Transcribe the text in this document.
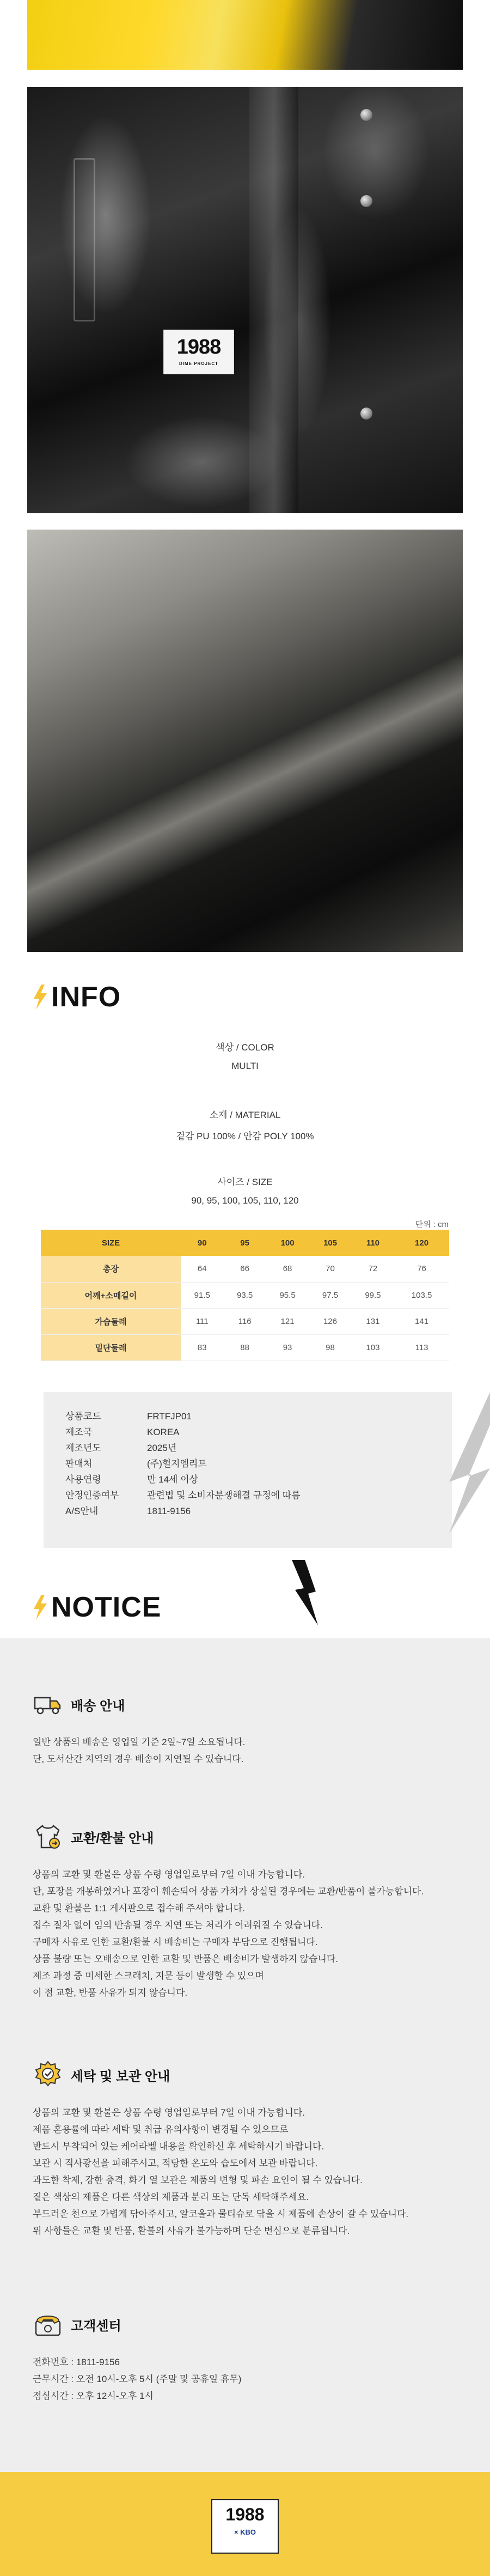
1988
DIME PROJECT
INFO
색상 / COLOR
MULTI
소재 / MATERIAL
겉감 PU 100% / 안감 POLY 100%
사이즈 / SIZE
90, 95, 100, 105, 110, 120
단위 : cm
SIZE	90	95	100	105	110	120
총장	64	66	68	70	72	76
어깨+소매길이	91.5	93.5	95.5	97.5	99.5	103.5
가슴둘레	111	116	121	126	131	141
밑단둘레	83	88	93	98	103	113
상품코드	FRTFJP01
제조국	KOREA
제조년도	2025년
판매처	(주)헐지엠리트
사용연령	만 14세 이상
안정인증여부	관련법 및 소비자분쟁해결 규정에 따름
A/S안내	1811-9156
NOTICE
배송 안내
일반 상품의 배송은 영업일 기준 2일~7일 소요됩니다.
단, 도서산간 지역의 경우 배송이 지연될 수 있습니다.
교환/환불 안내
상품의 교환 및 환불은 상품 수령 영업일로부터 7일 이내 가능합니다.
단, 포장을 개봉하였거나 포장이 훼손되어 상품 가치가 상실된 경우에는 교환/반품이 불가능합니다.
교환 및 환불은 1:1 게시판으로 접수해 주셔야 합니다.
접수 절차 없이 임의 반송될 경우 지연 또는 처리가 어려워질 수 있습니다.
구매자 사유로 인한 교환/환불 시 배송비는 구매자 부담으로 진행됩니다.
상품 불량 또는 오배송으로 인한 교환 및 반품은 배송비가 발생하지 않습니다.
제조 과정 중 미세한 스크래치, 지문 등이 발생할 수 있으며
이 점 교환, 반품 사유가 되지 않습니다.
세탁 및 보관 안내
상품의 교환 및 환불은 상품 수령 영업일로부터 7일 이내 가능합니다.
제품 혼용률에 따라 세탁 및 취급 유의사항이 변경될 수 있으므로
반드시 부착되어 있는 케어라벨 내용을 확인하신 후 세탁하시기 바랍니다.
보관 시 직사광선을 피해주시고, 적당한 온도와 습도에서 보관 바랍니다.
과도한 착제, 강한 충격, 화기 열 보관은 제품의 변형 및 파손 요인이 될 수 있습니다.
짙은 색상의 제품은 다른 색상의 제품과 분리 또는 단독 세탁해주세요.
부드러운 천으로 가볍게 닦아주시고, 알코올과 물티슈로 닦을 시 제품에 손상이 갈 수 있습니다.
위 사항들은 교환 및 반품, 환불의 사유가 불가능하며 단순 변심으로 분류됩니다.
고객센터
전화번호 : 1811-9156
근무시간 : 오전 10시-오후 5시 (주말 및 공휴일 휴무)
점심시간 : 오후 12시-오후 1시
1988
× KBO
